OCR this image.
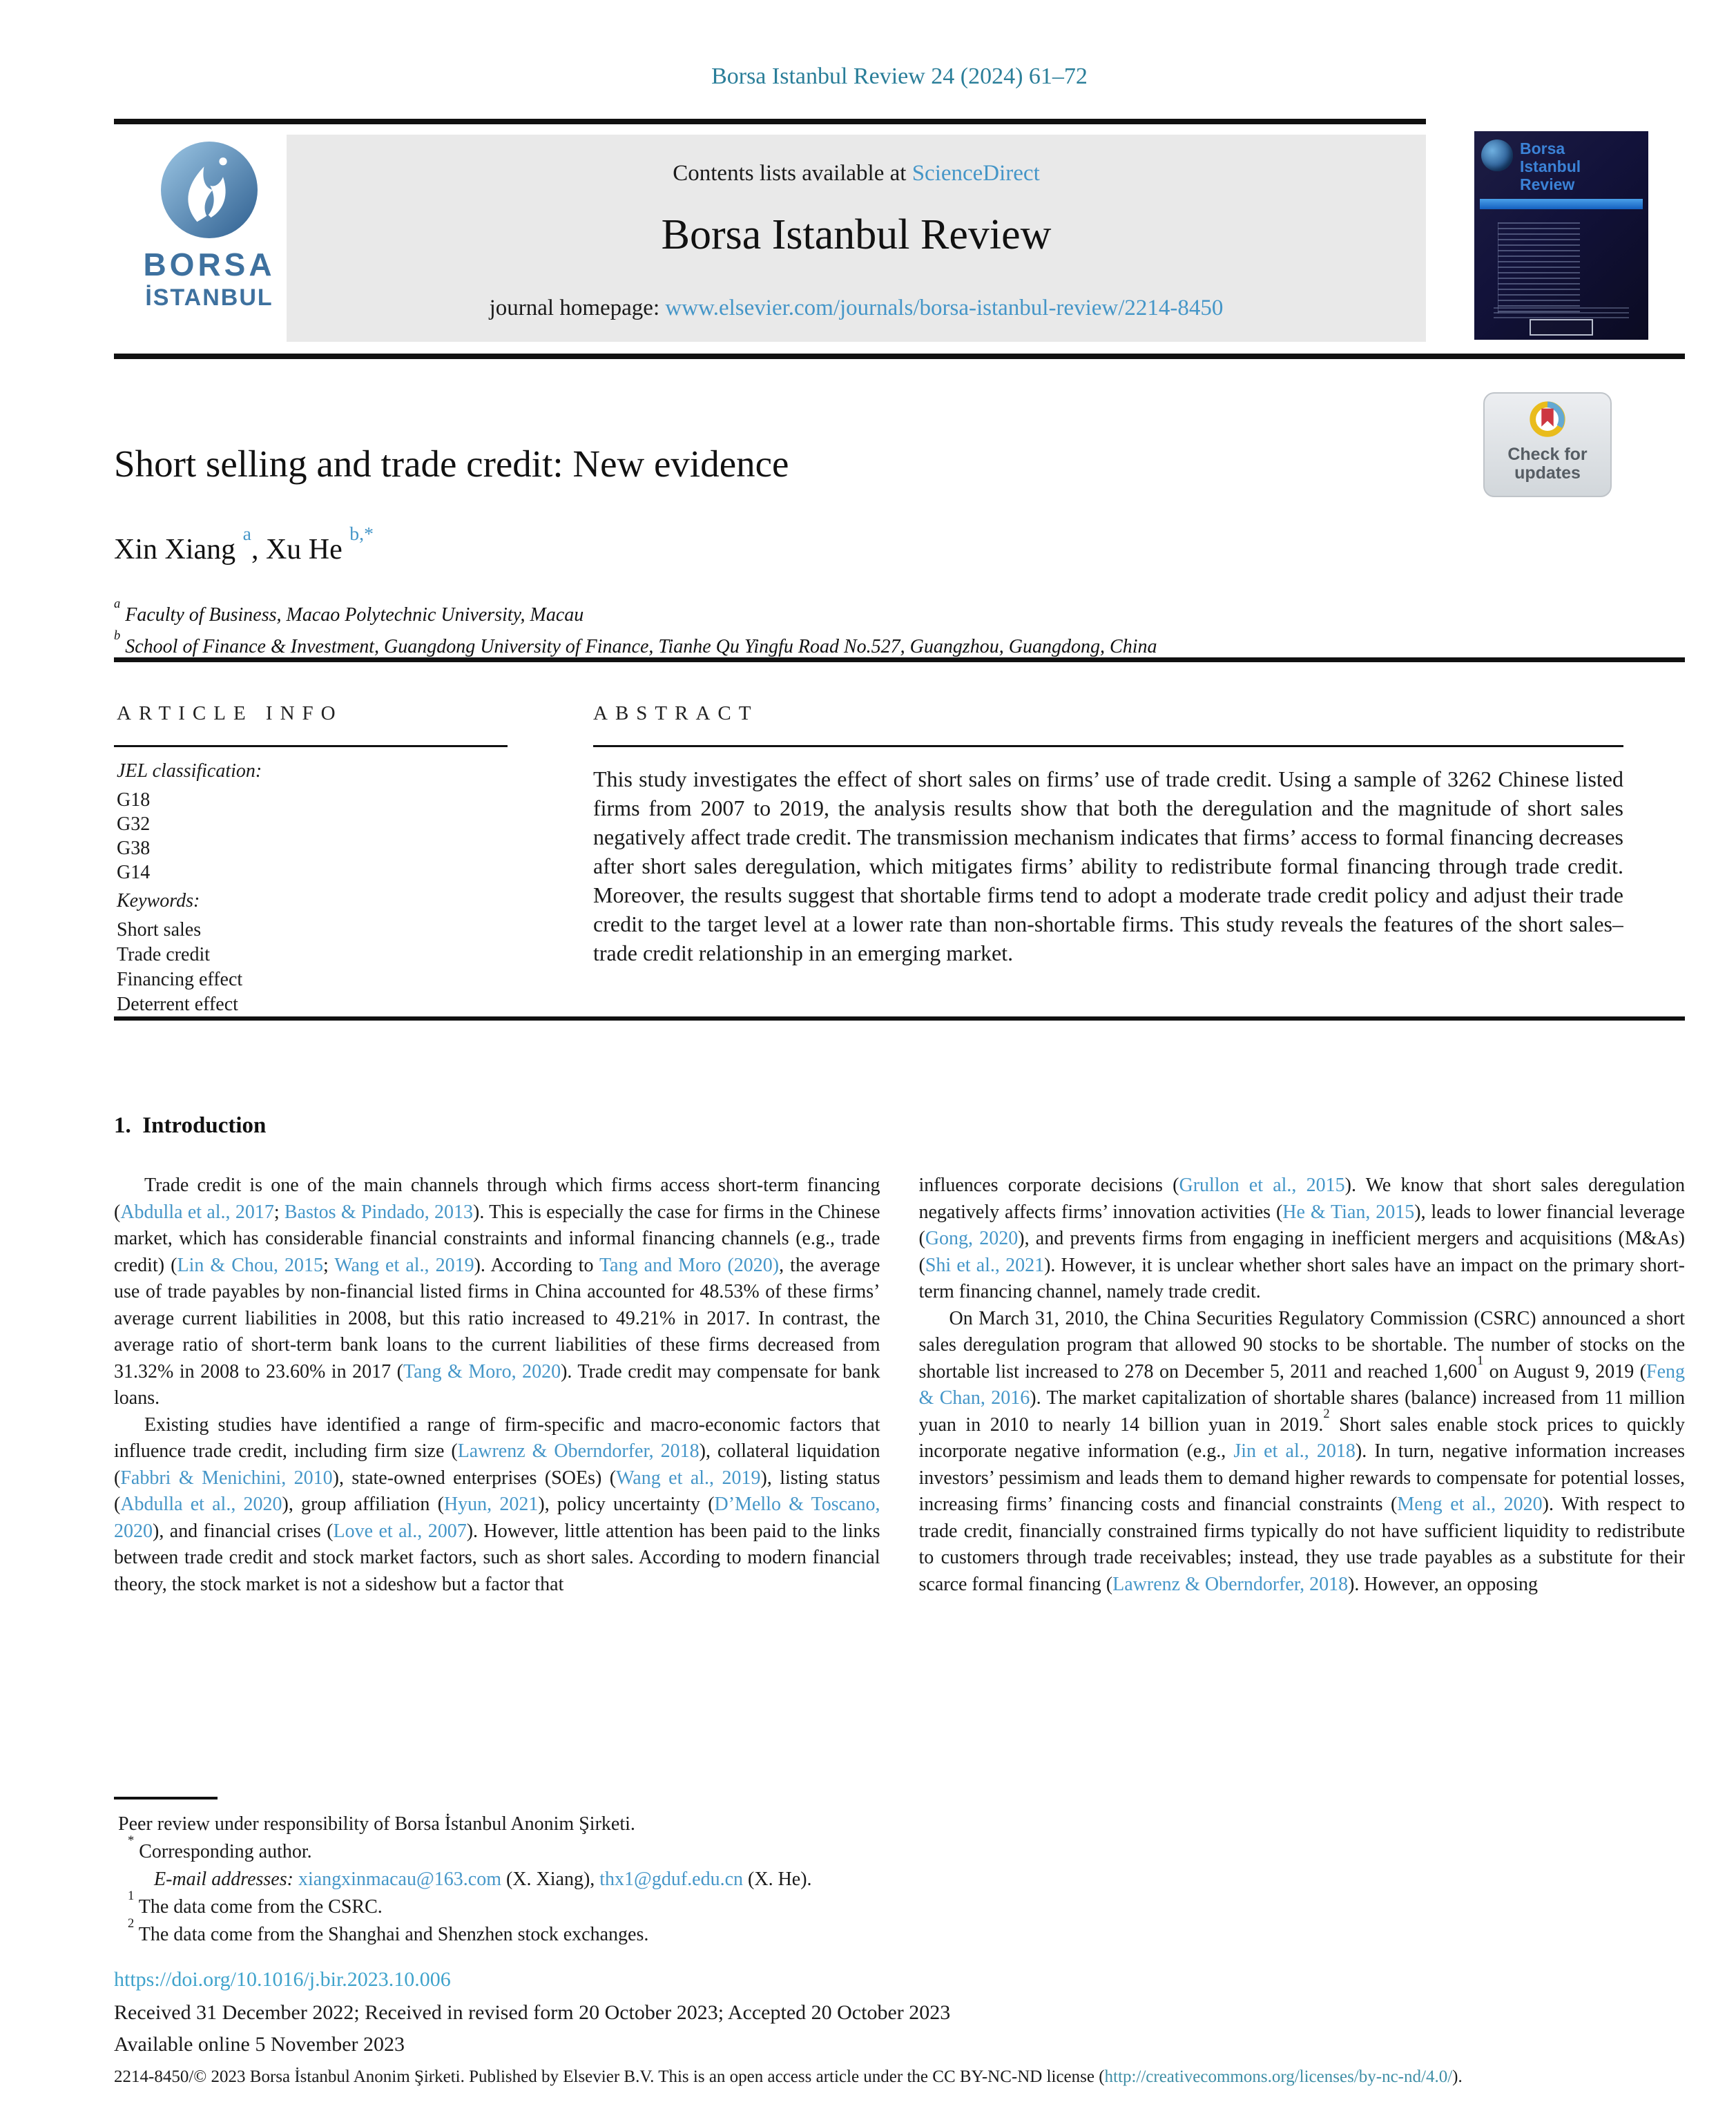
Borsa Istanbul Review 24 (2024) 61–72
BORSA
İSTANBUL
Contents lists available at ScienceDirect
Borsa Istanbul Review
journal homepage: www.elsevier.com/journals/borsa-istanbul-review/2214-8450
Borsa Istanbul Review
Short selling and trade credit: New evidence	Check for
updates
Xin Xiang $^a$, Xu He $^{b,*}$
$^a$ Faculty of Business, Macao Polytechnic University, Macau
$^b$ School of Finance & Investment, Guangdong University of Finance, Tianhe Qu Yingfu Road No.527, Guangzhou, Guangdong, China
ARTICLE INFO	ABSTRACT
JEL classification:
G18
G32
G38
G14
Keywords:
Short sales
Trade credit
Financing effect
Deterrent effect
This study investigates the effect of short sales on firms’ use of trade credit. Using a sample of 3262 Chinese listed firms from 2007 to 2019, the analysis results show that both the deregulation and the magnitude of short sales negatively affect trade credit. The transmission mechanism indicates that firms’ access to formal financing decreases after short sales deregulation, which mitigates firms’ ability to redistribute formal financing through trade credit. Moreover, the results suggest that shortable firms tend to adopt a moderate trade credit policy and adjust their trade credit to the target level at a lower rate than non-shortable firms. This study reveals the features of the short sales–trade credit relationship in an emerging market.
1.  Introduction

Trade credit is one of the main channels through which firms access short-term financing (Abdulla et al., 2017; Bastos & Pindado, 2013). This is especially the case for firms in the Chinese market, which has considerable financial constraints and informal financing channels (e.g., trade credit) (Lin & Chou, 2015; Wang et al., 2019). According to Tang and Moro (2020), the average use of trade payables by non-financial listed firms in China accounted for 48.53% of these firms’ average current liabilities in 2008, but this ratio increased to 49.21% in 2017. In contrast, the average ratio of short-term bank loans to the current liabilities of these firms decreased from 31.32% in 2008 to 23.60% in 2017 (Tang & Moro, 2020). Trade credit may compensate for bank loans.

Existing studies have identified a range of firm-specific and macro-economic factors that influence trade credit, including firm size (Lawrenz & Oberndorfer, 2018), collateral liquidation (Fabbri & Menichini, 2010), state-owned enterprises (SOEs) (Wang et al., 2019), listing status (Abdulla et al., 2020), group affiliation (Hyun, 2021), policy uncertainty (D’Mello & Toscano, 2020), and financial crises (Love et al., 2007). However, little attention has been paid to the links between trade credit and stock market factors, such as short sales. According to modern financial theory, the stock market is not a sideshow but a factor that

influences corporate decisions (Grullon et al., 2015). We know that short sales deregulation negatively affects firms’ innovation activities (He & Tian, 2015), leads to lower financial leverage (Gong, 2020), and prevents firms from engaging in inefficient mergers and acquisitions (M&As) (Shi et al., 2021). However, it is unclear whether short sales have an impact on the primary short-term financing channel, namely trade credit.

On March 31, 2010, the China Securities Regulatory Commission (CSRC) announced a short sales deregulation program that allowed 90 stocks to be shortable. The number of stocks on the shortable list increased to 278 on December 5, 2011 and reached 1,600$^1$ on August 9, 2019 (Feng & Chan, 2016). The market capitalization of shortable shares (balance) increased from 11 million yuan in 2010 to nearly 14 billion yuan in 2019.$^2$ Short sales enable stock prices to quickly incorporate negative information (e.g., Jin et al., 2018). In turn, negative information increases investors’ pessimism and leads them to demand higher rewards to compensate for potential losses, increasing firms’ financing costs and financial constraints (Meng et al., 2020). With respect to trade credit, financially constrained firms typically do not have sufficient liquidity to redistribute to customers through trade receivables; instead, they use trade payables as a substitute for their scarce formal financing (Lawrenz & Oberndorfer, 2018). However, an opposing

Peer review under responsibility of Borsa İstanbul Anonim Şirketi.
* Corresponding author.
E-mail addresses: xiangxinmacau@163.com (X. Xiang), thx1@gduf.edu.cn (X. He).
$^1$ The data come from the CSRC.
$^2$ The data come from the Shanghai and Shenzhen stock exchanges.
https://doi.org/10.1016/j.bir.2023.10.006
Received 31 December 2022; Received in revised form 20 October 2023; Accepted 20 October 2023
Available online 5 November 2023
2214-8450/© 2023 Borsa İstanbul Anonim Şirketi. Published by Elsevier B.V. This is an open access article under the CC BY-NC-ND license (http://creativecommons.org/licenses/by-nc-nd/4.0/).
